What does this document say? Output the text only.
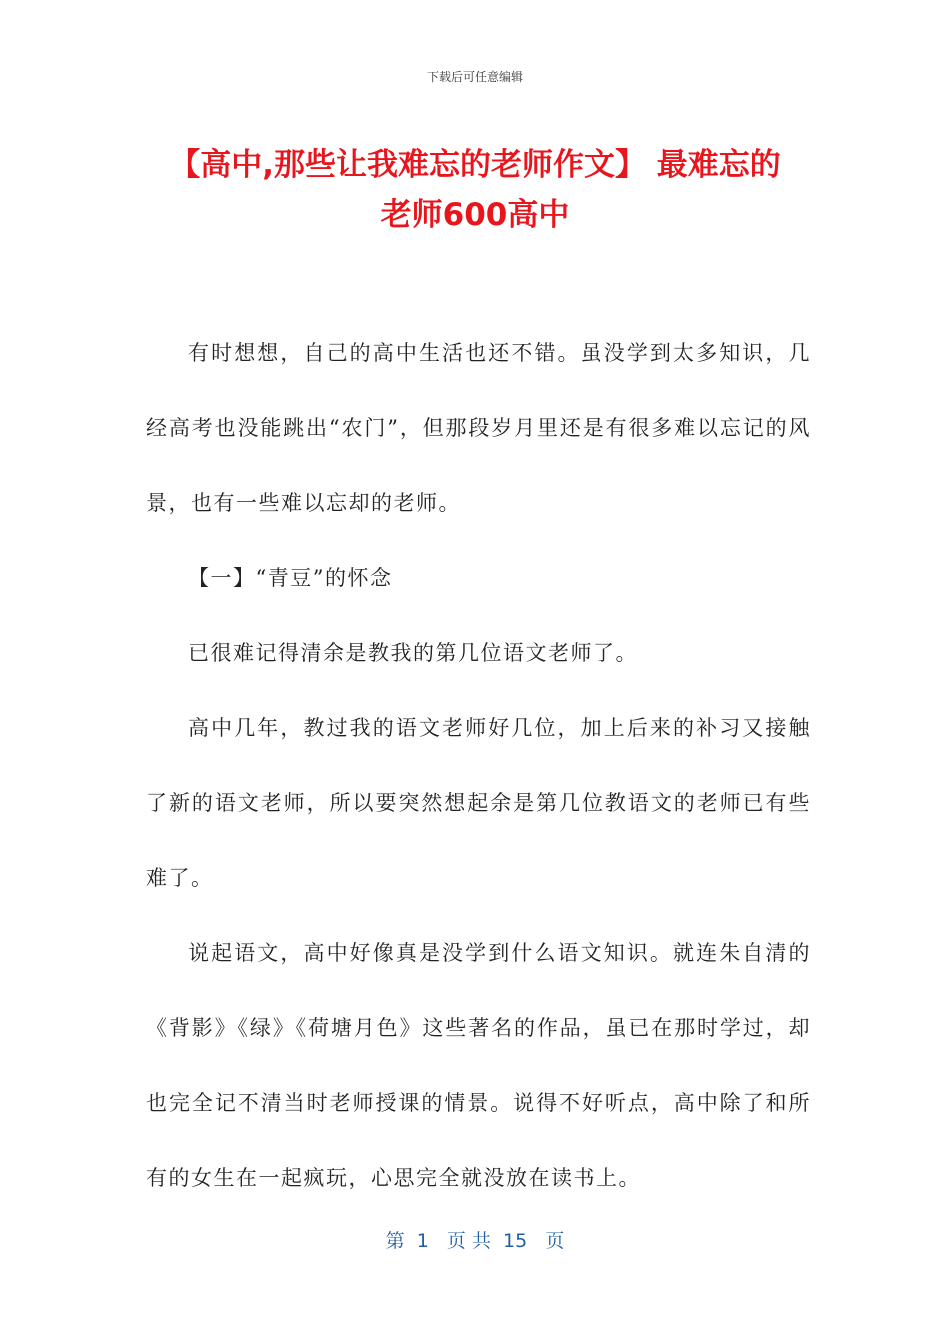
下载后可任意编辑
【高中,那些让我难忘的老师作文】 最难忘的
老师600高中

有时想想，自己的高中生活也还不错。虽没学到太多知识，几经高考也没能跳出“农门”，但那段岁月里还是有很多难以忘记的风景，也有一些难以忘却的老师。

【一】“青豆”的怀念

已很难记得清余是教我的第几位语文老师了。

高中几年，教过我的语文老师好几位，加上后来的补习又接触了新的语文老师，所以要突然想起余是第几位教语文的老师已有些难了。

说起语文，高中好像真是没学到什么语文知识。就连朱自清的《背影》《绿》《荷塘月色》这些著名的作品，虽已在那时学过，却也完全记不清当时老师授课的情景。说得不好听点，高中除了和所有的女生在一起疯玩，心思完全就没放在读书上。

第  1   页 共  15   页
